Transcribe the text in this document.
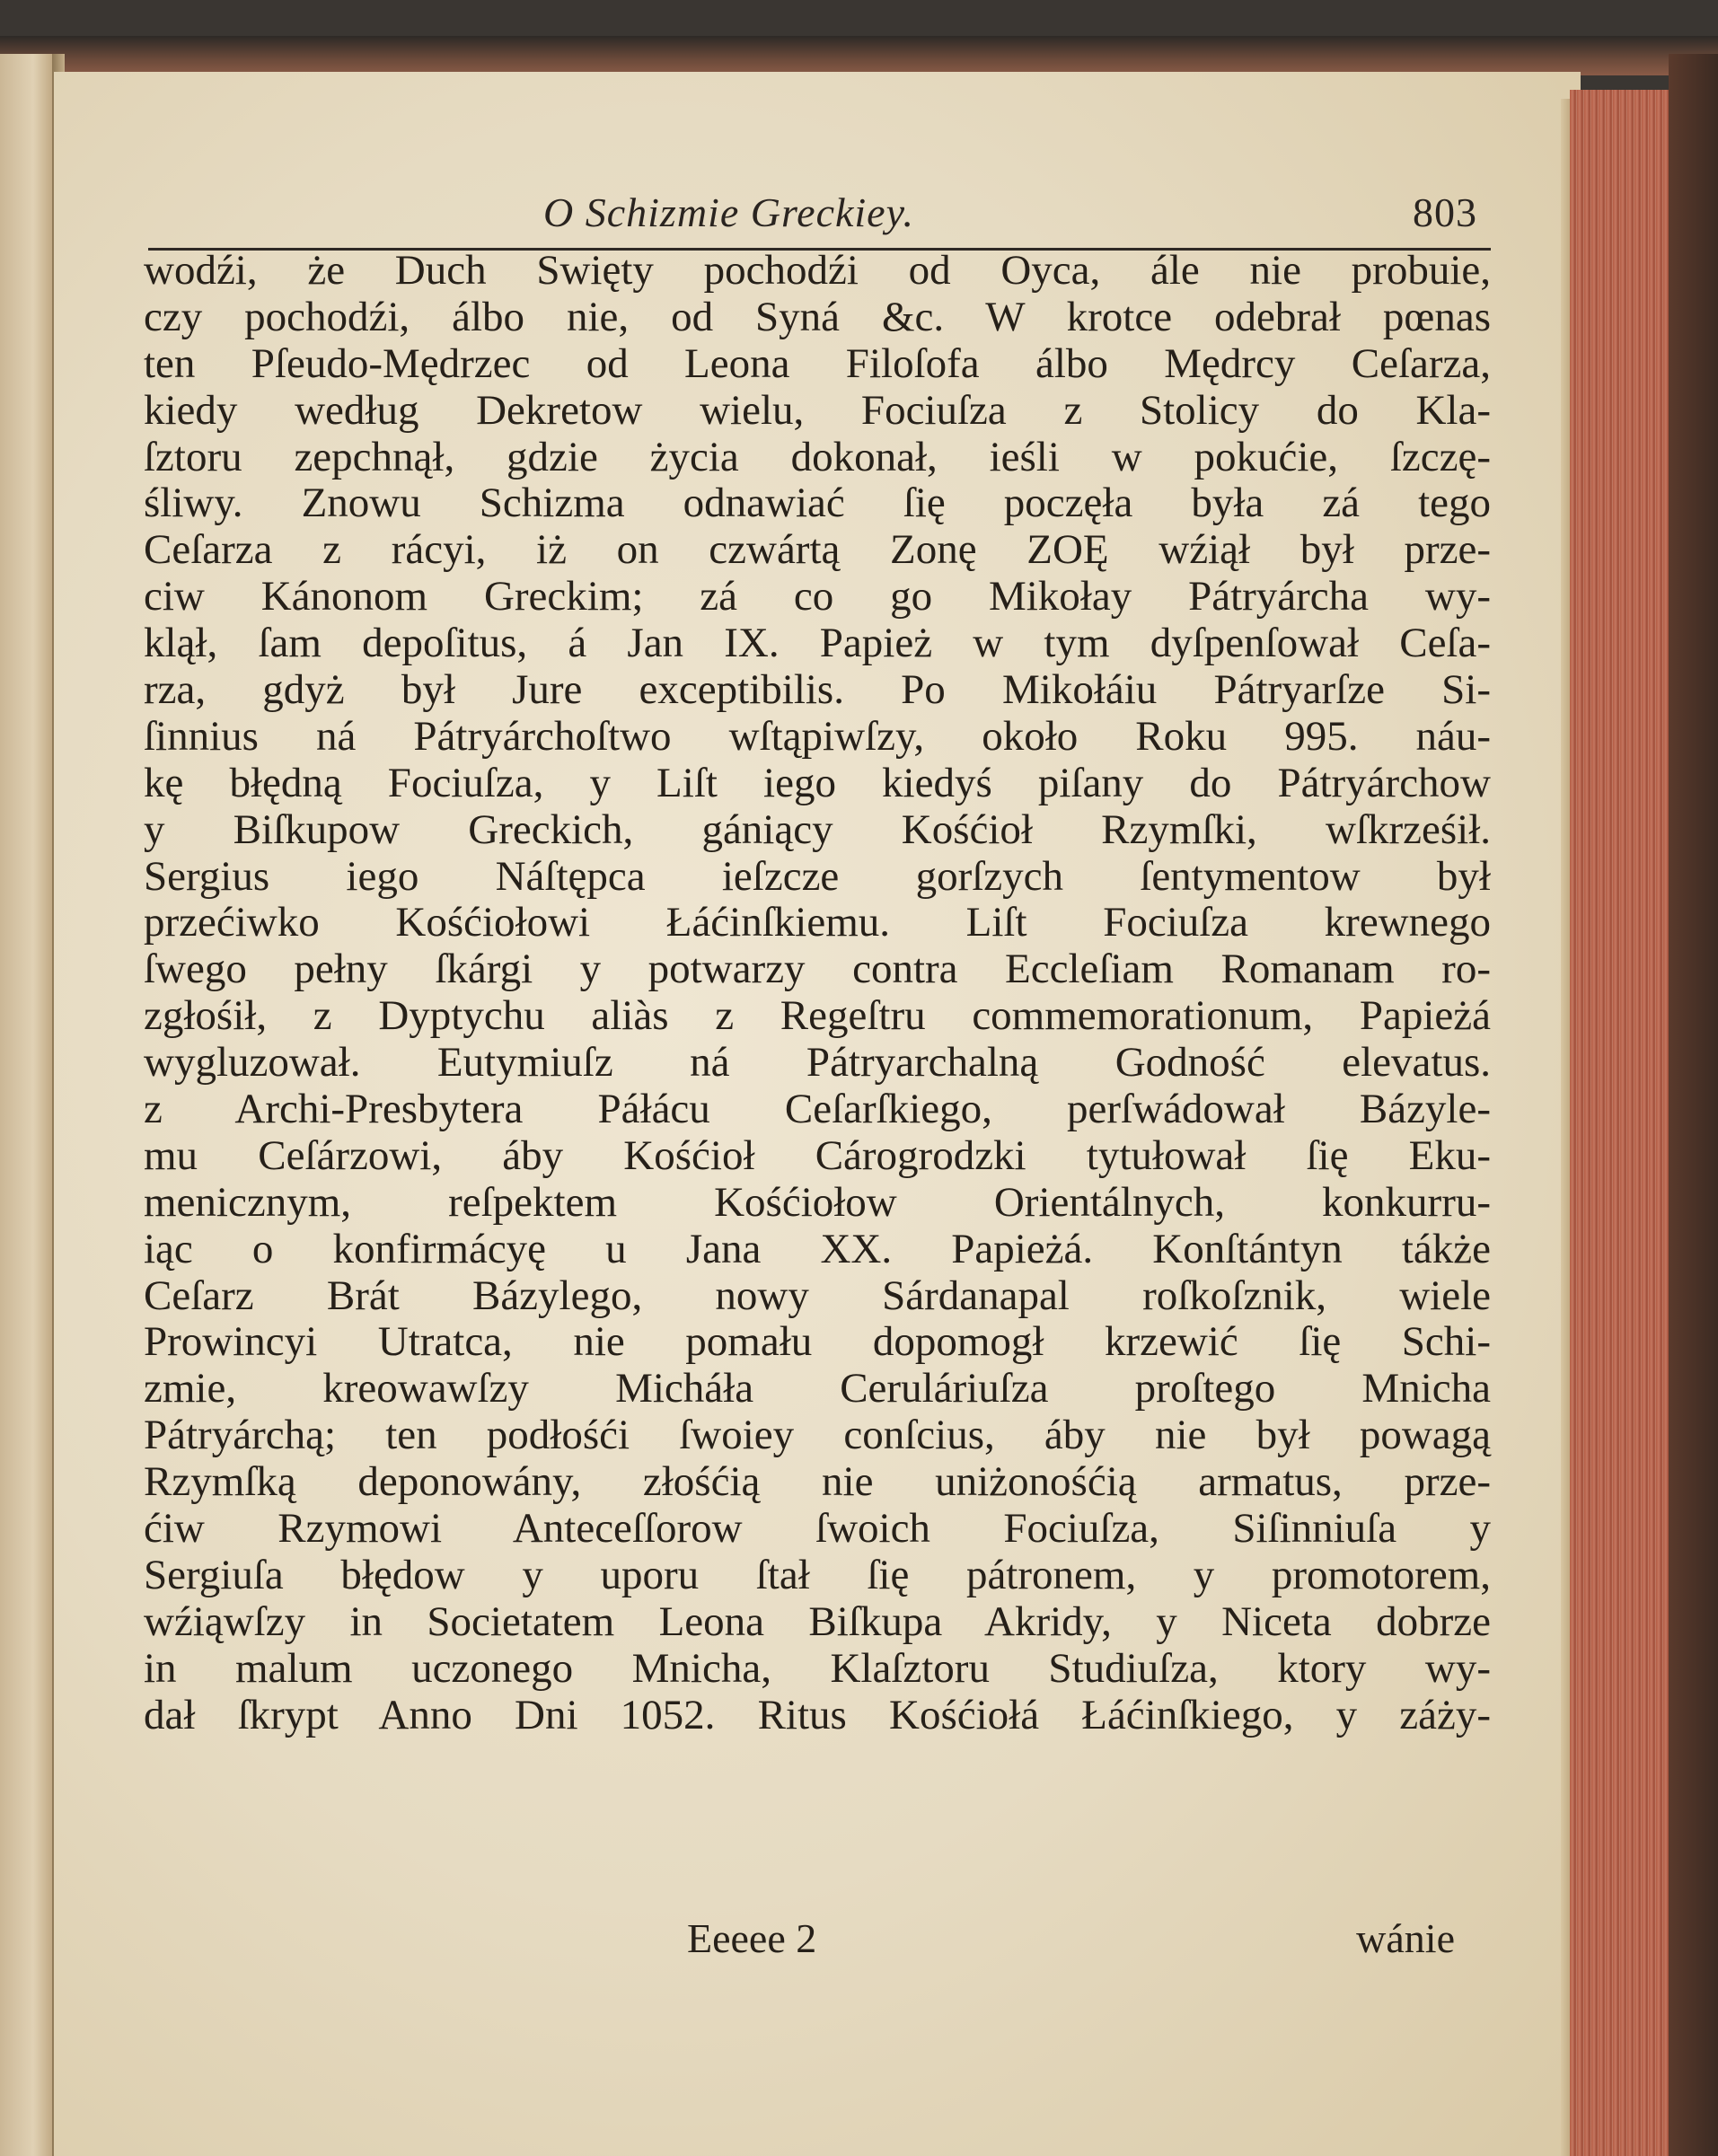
O Schizmie Greckiey.	803
wodźi, że Duch Swięty pochodźi od Oyca, ále nie probuie,
czy pochodźi, álbo nie, od Syná &c. W krotce odebrał pœnas
ten Pſeudo-Mędrzec od Leona Filoſofa álbo Mędrcy Ceſarza,
kiedy według Dekretow wielu, Fociuſza z Stolicy do Kla-
ſztoru zepchnął, gdzie życia dokonał, ieśli w pokućie, ſzczę-
śliwy. Znowu Schizma odnawiać ſię poczęła była zá tego
Ceſarza z rácyi, iż on czwártą Zonę ZOĘ wźiął był prze-
ciw Kánonom Greckim; zá co go Mikołay Pátryárcha wy-
klął, ſam depoſitus, á Jan IX. Papież w tym dyſpenſował Ceſa-
rza, gdyż był Jure exceptibilis. Po Mikołáiu Pátryarſze Si-
ſinnius ná Pátryárchoſtwo wſtąpiwſzy, około Roku 995. náu-
kę błędną Fociuſza, y Liſt iego kiedyś piſany do Pátryárchow
y Biſkupow Greckich, gániący Kośćioł Rzymſki, wſkrześił.
Sergius iego Náſtępca ieſzcze gorſzych ſentymentow był
przećiwko Kośćiołowi Łáćinſkiemu. Liſt Fociuſza krewnego
ſwego pełny ſkárgi y potwarzy contra Eccleſiam Romanam ro-
zgłośił, z Dyptychu aliàs z Regeſtru commemorationum, Papieżá
wygluzował. Eutymiuſz ná Pátryarchalną Godność elevatus.
z Archi-Presbytera Páłácu Ceſarſkiego, perſwádował Bázyle-
mu Ceſárzowi, áby Kośćioł Cárogrodzki tytułował ſię Eku-
menicznym, reſpektem Kośćiołow Orientálnych, konkurru-
iąc o konfirmácyę u Jana XX. Papieżá. Konſtántyn tákże
Ceſarz Brát Bázylego, nowy Sárdanapal roſkoſznik, wiele
Prowincyi Utratca, nie pomału dopomogł krzewić ſię Schi-
zmie, kreowawſzy Micháła Ceruláriuſza proſtego Mnicha
Pátryárchą; ten podłośći ſwoiey conſcius, áby nie był powagą
Rzymſką deponowány, złośćią nie uniżonośćią armatus, prze-
ćiw Rzymowi Anteceſſorow ſwoich Fociuſza, Siſinniuſa y
Sergiuſa błędow y uporu ſtał ſię pátronem, y promotorem,
wźiąwſzy in Societatem Leona Biſkupa Akridy, y Niceta dobrze
in malum uczonego Mnicha, Klaſztoru Studiuſza, ktory wy-
dał ſkrypt Anno Dni 1052. Ritus Kośćiołá Łáćinſkiego, y záży-
Eeeee 2	wánie
